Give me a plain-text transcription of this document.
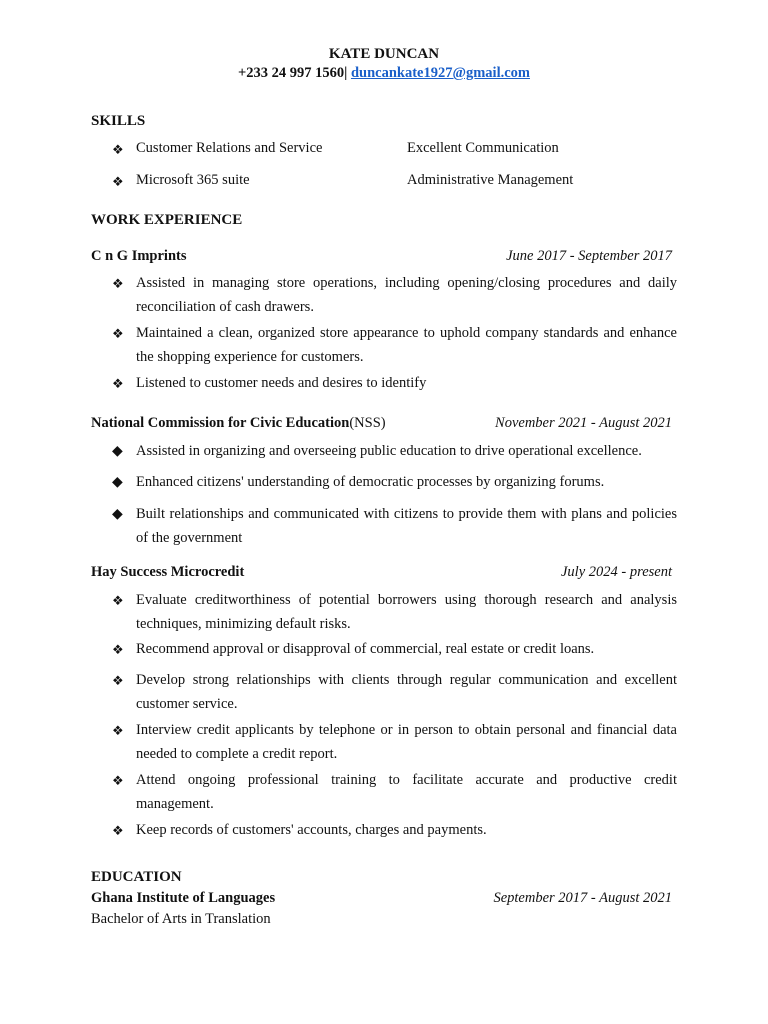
KATE DUNCAN
+233 24 997 1560| duncankate1927@gmail.com
SKILLS
❖ Customer Relations and Service	Excellent Communication
❖ Microsoft 365 suite	Administrative Management
WORK EXPERIENCE
C n G Imprints	June 2017 - September 2017
❖ Assisted in managing store operations, including opening/closing procedures and daily reconciliation of cash drawers.
❖ Maintained a clean, organized store appearance to uphold company standards and enhance the shopping experience for customers.
❖ Listened to customer needs and desires to identify
National Commission for Civic Education(NSS)	November 2021 - August 2021
◆ Assisted in organizing and overseeing public education to drive operational excellence.
◆ Enhanced citizens' understanding of democratic processes by organizing forums.
◆ Built relationships and communicated with citizens to provide them with plans and policies of the government
Hay Success Microcredit	July 2024 - present
❖ Evaluate creditworthiness of potential borrowers using thorough research and analysis techniques, minimizing default risks.
❖ Recommend approval or disapproval of commercial, real estate or credit loans.
❖ Develop strong relationships with clients through regular communication and excellent customer service.
❖ Interview credit applicants by telephone or in person to obtain personal and financial data needed to complete a credit report.
❖ Attend ongoing professional training to facilitate accurate and productive credit management.
❖ Keep records of customers' accounts, charges and payments.
EDUCATION
Ghana Institute of Languages	September 2017 - August 2021
Bachelor of Arts in Translation
